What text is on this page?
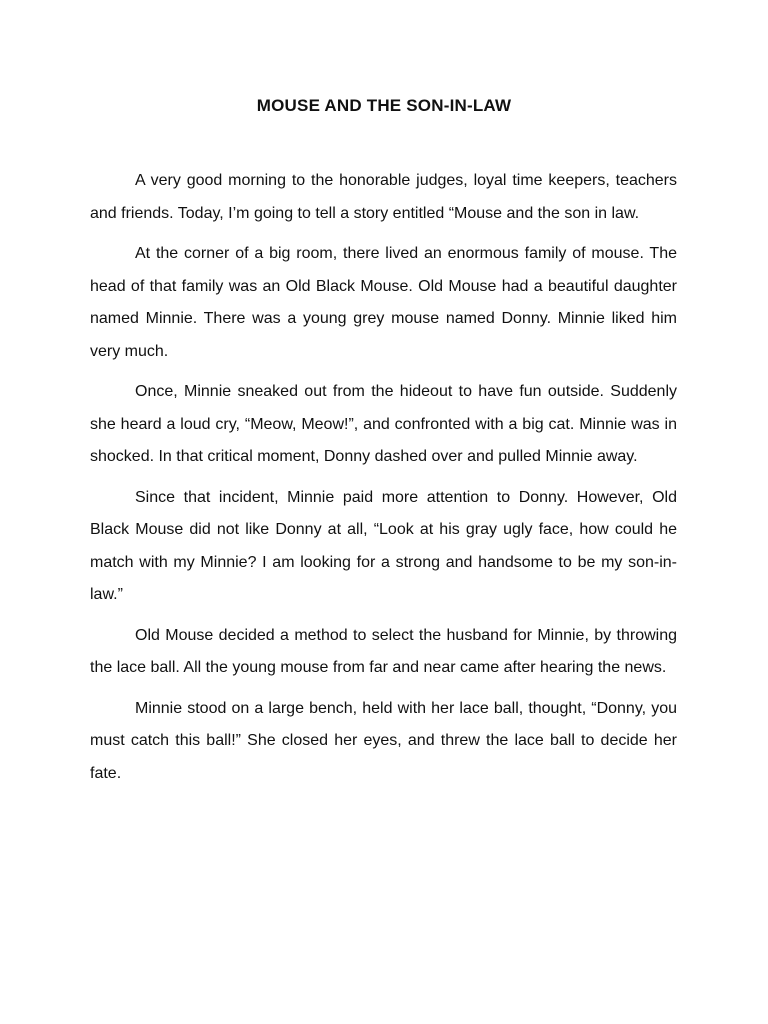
MOUSE AND THE SON-IN-LAW

A very good morning to the honorable judges, loyal time keepers, teachers and friends. Today, I’m going to tell a story entitled “Mouse and the son in law.

At the corner of a big room, there lived an enormous family of mouse. The head of that family was an Old Black Mouse. Old Mouse had a beautiful daughter named Minnie. There was a young grey mouse named Donny. Minnie liked him very much.

Once, Minnie sneaked out from the hideout to have fun outside. Suddenly she heard a loud cry, “Meow, Meow!”, and confronted with a big cat. Minnie was in shocked. In that critical moment, Donny dashed over and pulled Minnie away.

Since that incident, Minnie paid more attention to Donny. However, Old Black Mouse did not like Donny at all, “Look at his gray ugly face, how could he match with my Minnie? I am looking for a strong and handsome to be my son-in-law.”

Old Mouse decided a method to select the husband for Minnie, by throwing the lace ball. All the young mouse from far and near came after hearing the news.

Minnie stood on a large bench, held with her lace ball, thought, “Donny, you must catch this ball!” She closed her eyes, and threw the lace ball to decide her fate.
